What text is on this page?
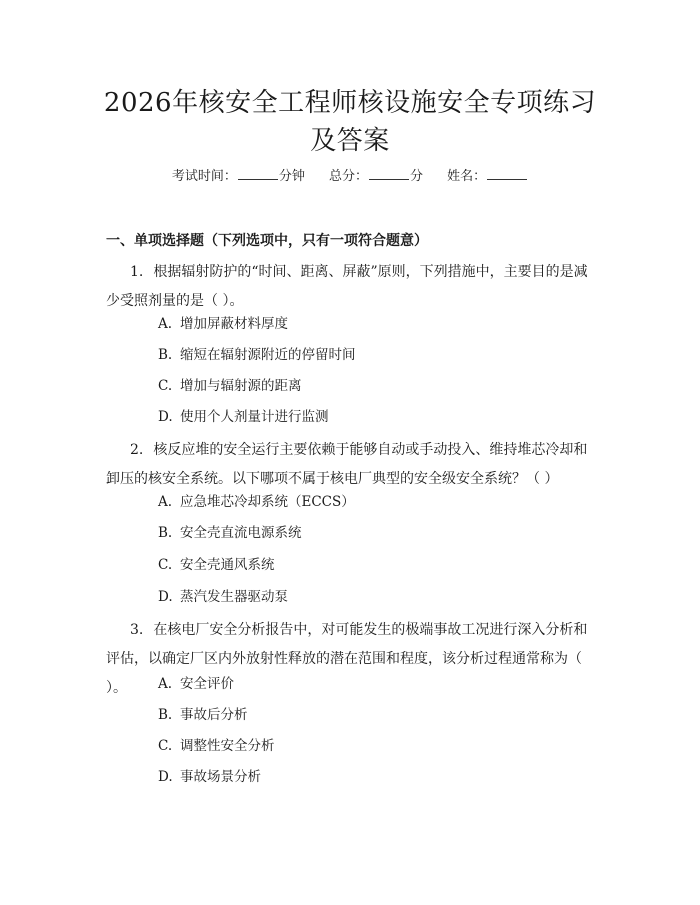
2026年核安全工程师核设施安全专项练习及答案
考试时间：	分钟 总分：	分 姓名：
一、单项选择题（下列选项中，只有一项符合题意）

1. 根据辐射防护的“时间、距离、屏蔽”原则，下列措施中，主要目的是减少受照剂量的是（ ）。

A. 增加屏蔽材料厚度
B. 缩短在辐射源附近的停留时间
C. 增加与辐射源的距离
D. 使用个人剂量计进行监测

2. 核反应堆的安全运行主要依赖于能够自动或手动投入、维持堆芯冷却和卸压的核安全系统。以下哪项不属于核电厂典型的安全级安全系统？（ ）

A. 应急堆芯冷却系统（ECCS）
B. 安全壳直流电源系统
C. 安全壳通风系统
D. 蒸汽发生器驱动泵

3. 在核电厂安全分析报告中，对可能发生的极端事故工况进行深入分析和评估，以确定厂区内外放射性释放的潜在范围和程度，该分析过程通常称为（ ）。	A. 安全评价
B. 事故后分析
C. 调整性安全分析
D. 事故场景分析
